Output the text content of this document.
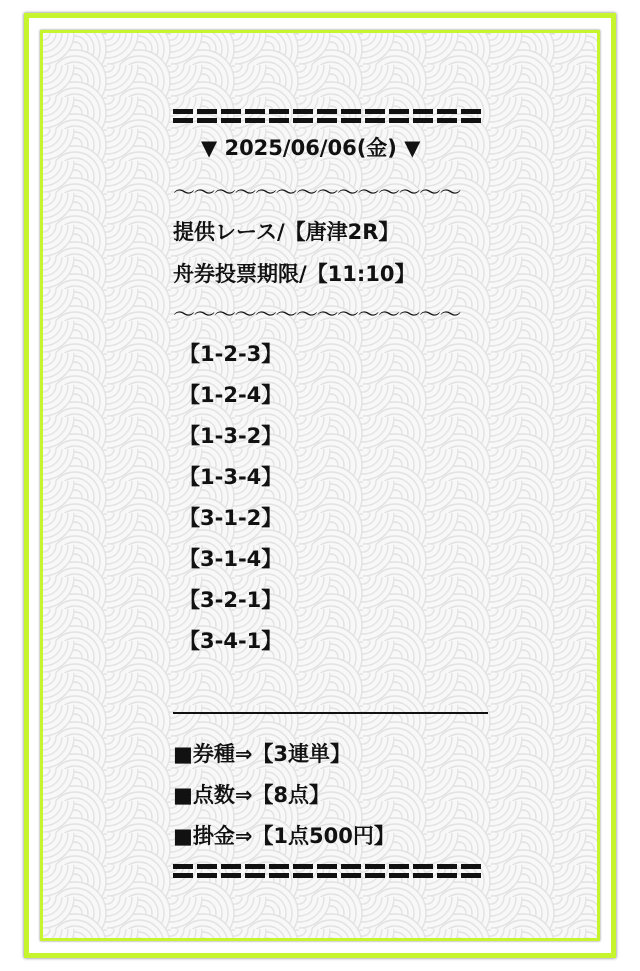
▼ 2025/06/06(金) ▼
〜〜〜〜〜〜〜〜〜〜〜〜〜〜
提供レース/【唐津2R】
舟券投票期限/【11:10】
〜〜〜〜〜〜〜〜〜〜〜〜〜〜
【1-2-3】
【1-2-4】
【1-3-2】
【1-3-4】
【3-1-2】
【3-1-4】
【3-2-1】
【3-4-1】
■券種⇒【3連単】
■点数⇒【8点】
■掛金⇒【1点500円】
